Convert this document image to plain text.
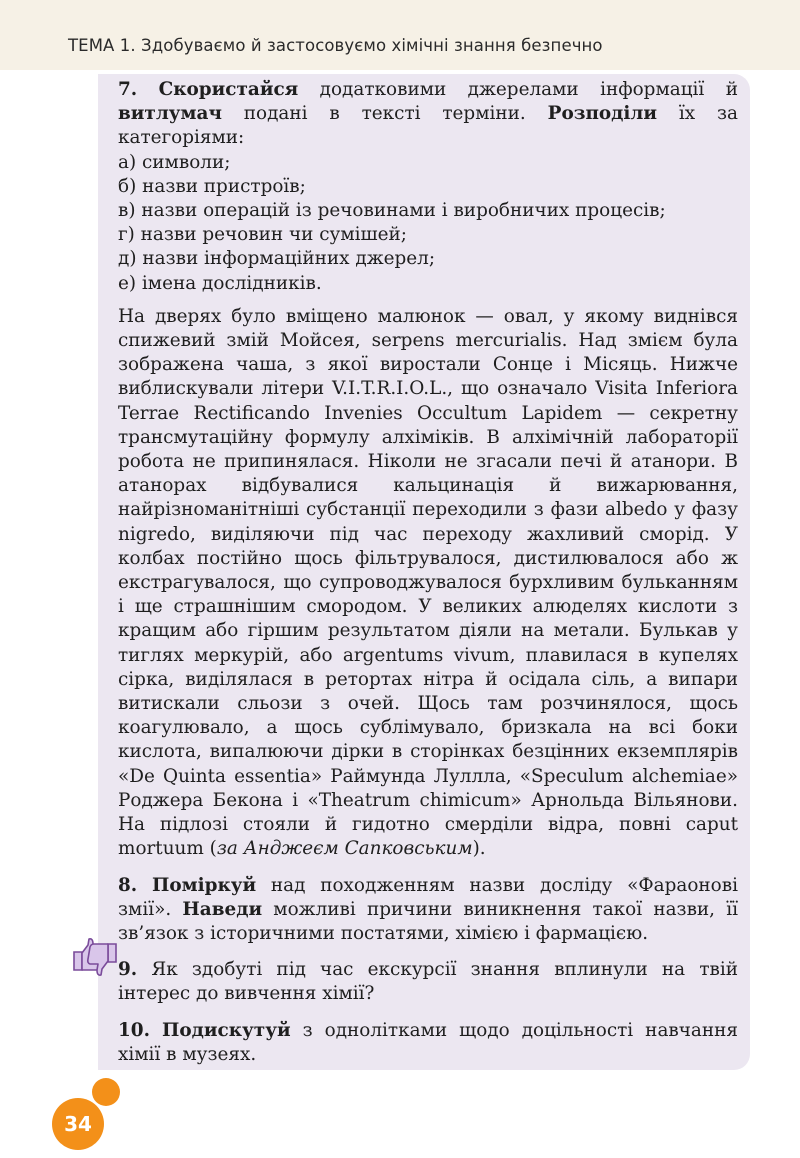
ТЕМА 1. Здобуваємо й застосовуємо хімічні знання безпечно

7. Скористайся додатковими джерелами інформації й витлумач подані в тексті терміни. Розподіли їх за категоріями:

а) символи;
б) назви пристроїв;
в) назви операцій із речовинами і виробничих процесів;
г) назви речовин чи сумішей;
д) назви інформаційних джерел;
е) імена дослідників.

На дверях було вміщено малюнок — овал, у якому виднівся спижевий змій Мойсея, serpens mercurialis. Над змієм була зображена чаша, з якої виростали Сонце і Місяць. Нижче виблискували літери V.I.T.R.I.O.L., що означало Visita Inferiora Terrae Rectificando Invenies Occultum Lapidem — секретну трансмутаційну формулу алхіміків. В алхімічній лабораторії робота не припинялася. Ніколи не згасали печі й атанори. В атанорах відбувалися кальцинація й вижарювання, найрізноманітніші субстанції переходили з фази albedo у фазу nigredo, виділяючи під час переходу жахливий сморід. У колбах постійно щось фільтрувалося, дистилювалося або ж екстрагувалося, що супроводжувалося бурхливим бульканням і ще страшнішим смородом. У великих алюделях кислоти з кращим або гіршим результатом діяли на метали. Булькав у тиглях меркурій, або argentums vivum, плавилася в купелях сірка, виділялася в ретортах нітра й осідала сіль, а випари витискали сльози з очей. Щось там розчинялося, щось коагулювало, а щось сублімувало, бризкала на всі боки кислота, випалюючи дірки в сторінках безцінних екземплярів «De Quinta essentia» Раймунда Луллла, «Speculum alchemiae» Роджера Бекона і «Theatrum chimicum» Арнольда Вільянови. На підлозі стояли й гидотно смерділи відра, повні caput mortuum (за Анджеєм Сапковським).

8. Поміркуй над походженням назви досліду «Фараонові змії». Наведи можливі причини виникнення такої назви, її зв’язок з історичними постатями, хімією і фармацією.

9. Як здобуті під час екскурсії знання вплинули на твій інтерес до вивчення хімії?

10. Подискутуй з однолітками щодо доцільності навчання хімії в музеях.

34
